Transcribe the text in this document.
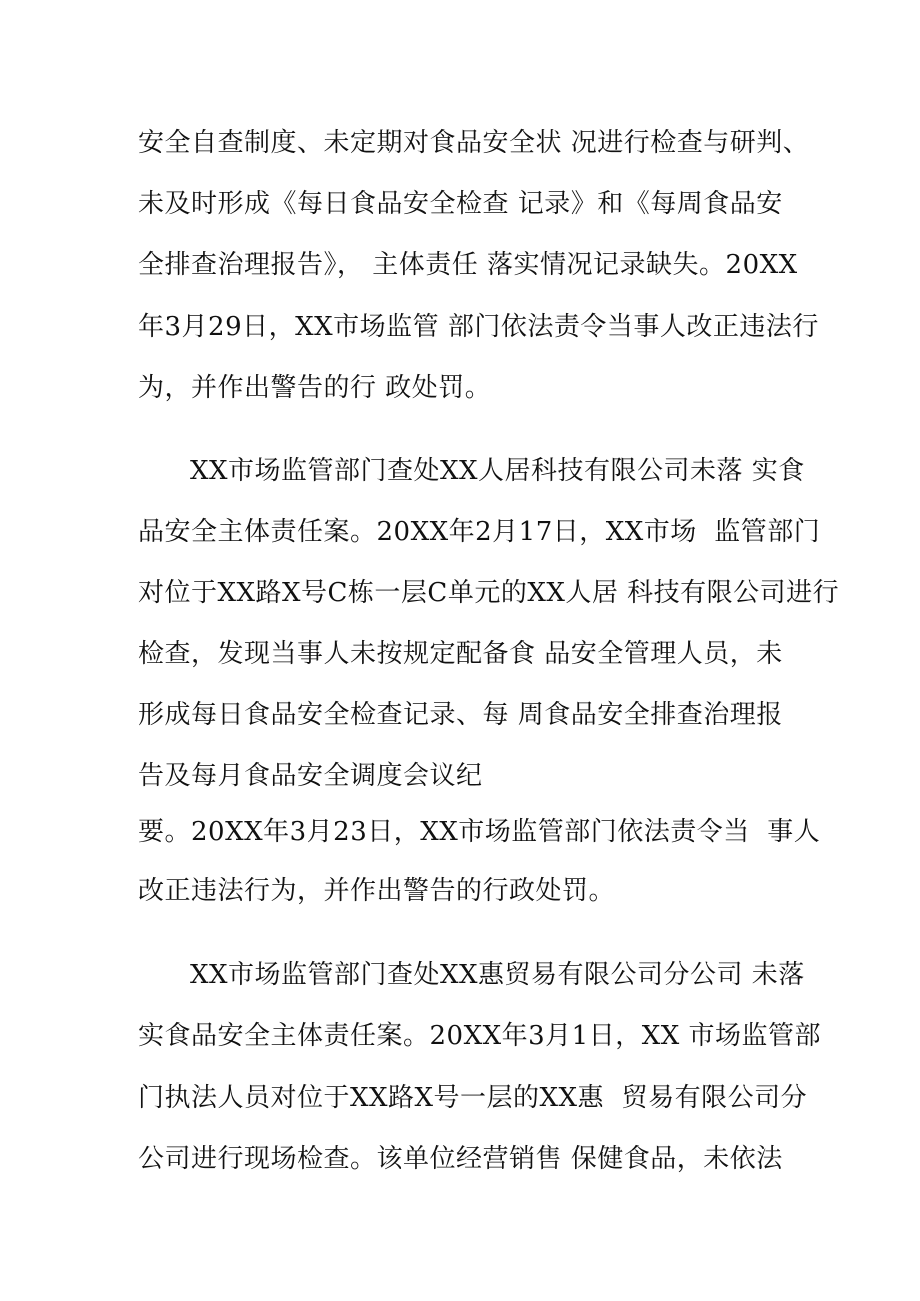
安全自查制度、未定期对食品安全状 况进行检查与研判、
未及时形成《每日食品安全检查 记录》和《每周食品安
全排查治理报告》， 主体责任 落实情况记录缺失。20XX
年3月29日，XX市场监管 部门依法责令当事人改正违法行
为，并作出警告的行 政处罚。
XX市场监管部门查处XX人居科技有限公司未落 实食
品安全主体责任案。20XX年2月17日，XX市场  监管部门
对位于XX路X号C栋一层C单元的XX人居 科技有限公司进行
检查，发现当事人未按规定配备食 品安全管理人员，未
形成每日食品安全检查记录、每 周食品安全排查治理报
告及每月食品安全调度会议纪
要。20XX年3月23日，XX市场监管部门依法责令当  事人
改正违法行为，并作出警告的行政处罚。
XX市场监管部门查处XX惠贸易有限公司分公司 未落
实食品安全主体责任案。20XX年3月1日，XX 市场监管部
门执法人员对位于XX路X号一层的XX惠  贸易有限公司分
公司进行现场检查。该单位经营销售 保健食品，未依法
